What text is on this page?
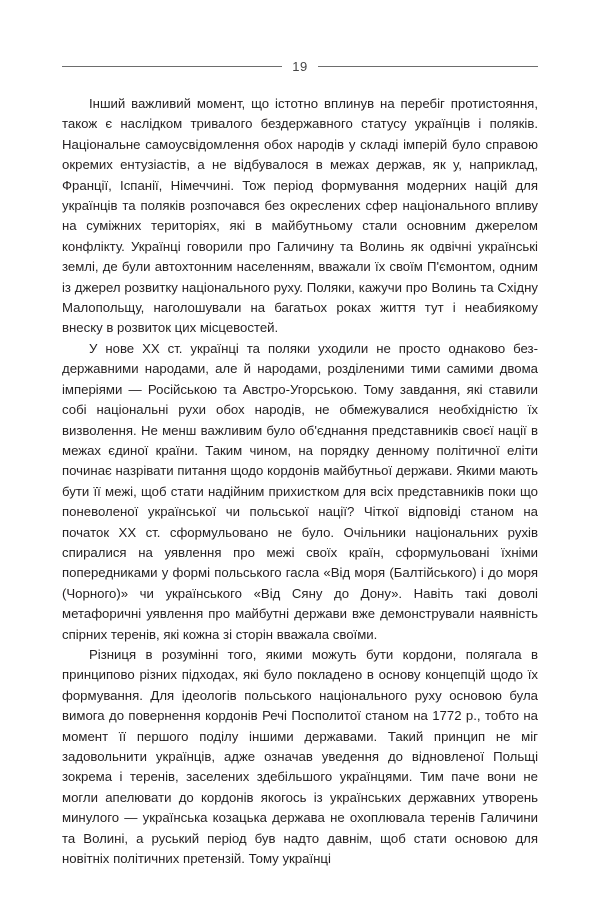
19

Інший важливий момент, що істотно вплинув на перебіг протистояння, також є наслідком тривалого бездержавного статусу українців і поляків. Національне самоусвідомлення обох народів у складі імперій було справою окремих ентузіастів, а не відбувалося в межах держав, як у, наприклад, Франції, Іспанії, Німеччині. Тож період формування модерних націй для українців та поляків розпочався без окреслених сфер національного впливу на суміжних територіях, які в майбутньому стали основним джерелом конфлікту. Українці говорили про Галичину та Волинь як одвічні українські землі, де були автохтонним населенням, вважали їх своїм П'ємонтом, одним із джерел розвитку національного руху. Поляки, кажучи про Волинь та Східну Малопольщу, наголошували на багатьох роках життя тут і неабиякому внеску в розвиток цих місцевостей.

У нове ХХ ст. українці та поляки уходили не просто однаково бездержавними народами, але й народами, розділеними тими самими двома імперіями — Російською та Австро-Угорською. Тому завдання, які ставили собі національні рухи обох народів, не обмежувалися необхідністю їх визволення. Не менш важливим було об'єднання представників своєї нації в межах єдиної країни. Таким чином, на порядку денному політичної еліти починає назрівати питання щодо кордонів майбутньої держави. Якими мають бути її межі, щоб стати надійним прихистком для всіх представників поки що поневоленої української чи польської нації? Чіткої відповіді станом на початок ХХ ст. сформульовано не було. Очільники національних рухів спиралися на уявлення про межі своїх країн, сформульовані їхніми попередниками у формі польського гасла «Від моря (Балтійського) і до моря (Чорного)» чи українського «Від Сяну до Дону». Навіть такі доволі метафоричні уявлення про майбутні держави вже демонстрували наявність спірних теренів, які кожна зі сторін вважала своїми.

Різниця в розумінні того, якими можуть бути кордони, полягала в принципово різних підходах, які було покладено в основу концепцій щодо їх формування. Для ідеологів польського національного руху основою була вимога до повернення кордонів Речі Посполитої станом на 1772 р., тобто на момент її першого поділу іншими державами. Такий принцип не міг задовольнити українців, адже означав уведення до відновленої Польщі зокрема і теренів, заселених здебільшого українцями. Тим паче вони не могли апелювати до кордонів якогось із українських державних утворень минулого — українська козацька держава не охоплювала теренів Галичини та Волині, а руський період був надто давнім, щоб стати основою для новітніх політичних претензій. Тому українці
